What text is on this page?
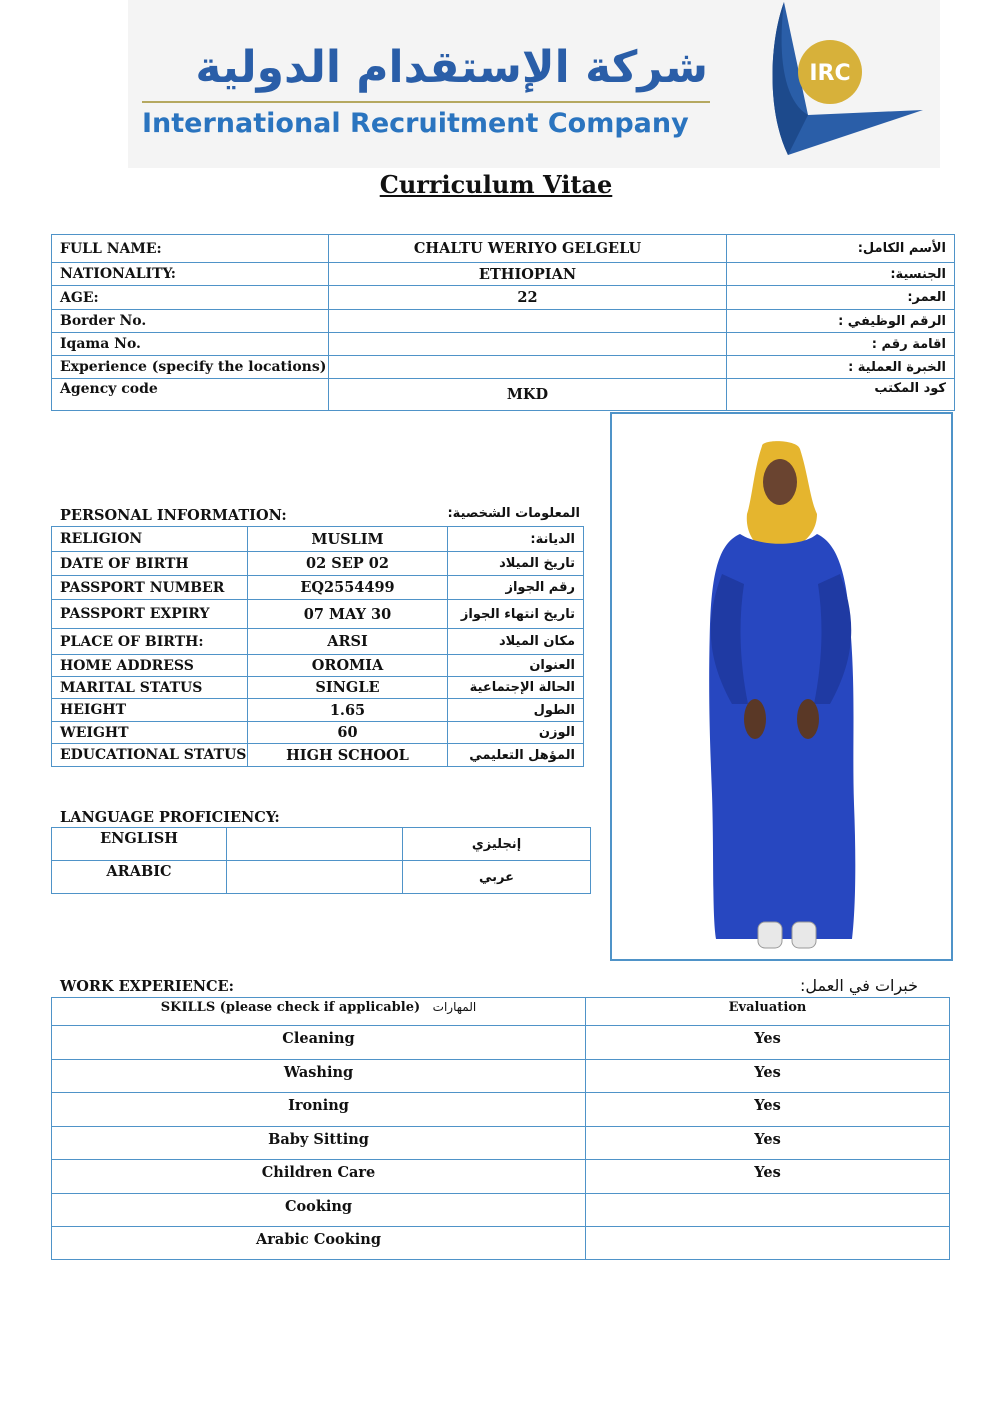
شركة الإستقدام الدولية
International Recruitment Company
IRC
Curriculum Vitae
FULL NAME:	CHALTU WERIYO GELGELU	الأسم الكامل:
NATIONALITY:	ETHIOPIAN	الجنسية:
AGE:	22	العمر:
Border No.		الرقم الوظيفي :
Iqama No.		اقامة رقم :
Experience (specify the locations)		الخبرة العملية :
Agency code	MKD	كود المكتب
PERSONAL INFORMATION:	المعلومات الشخصية:
RELIGION	MUSLIM	الديانة:
DATE OF BIRTH	02 SEP 02	تاريخ الميلاد
PASSPORT NUMBER	EQ2554499	رقم الجواز
PASSPORT EXPIRY	07 MAY 30	تاريخ انتهاء الجواز
PLACE OF BIRTH:	ARSI	مكان الميلاد
HOME ADDRESS	OROMIA	العنوان
MARITAL STATUS	SINGLE	الحالة الإجتماعية
HEIGHT	1.65	الطول
WEIGHT	60	الوزن
EDUCATIONAL STATUS	HIGH SCHOOL	المؤهل التعليمي
LANGUAGE PROFICIENCY:
ENGLISH		إنجليزي
ARABIC		عربي
WORK EXPERIENCE:	خبرات في العمل:
SKILLS (please check if applicable) المهارات	Evaluation
Cleaning	Yes
Washing	Yes
Ironing	Yes
Baby Sitting	Yes
Children Care	Yes
Cooking	
Arabic Cooking	
